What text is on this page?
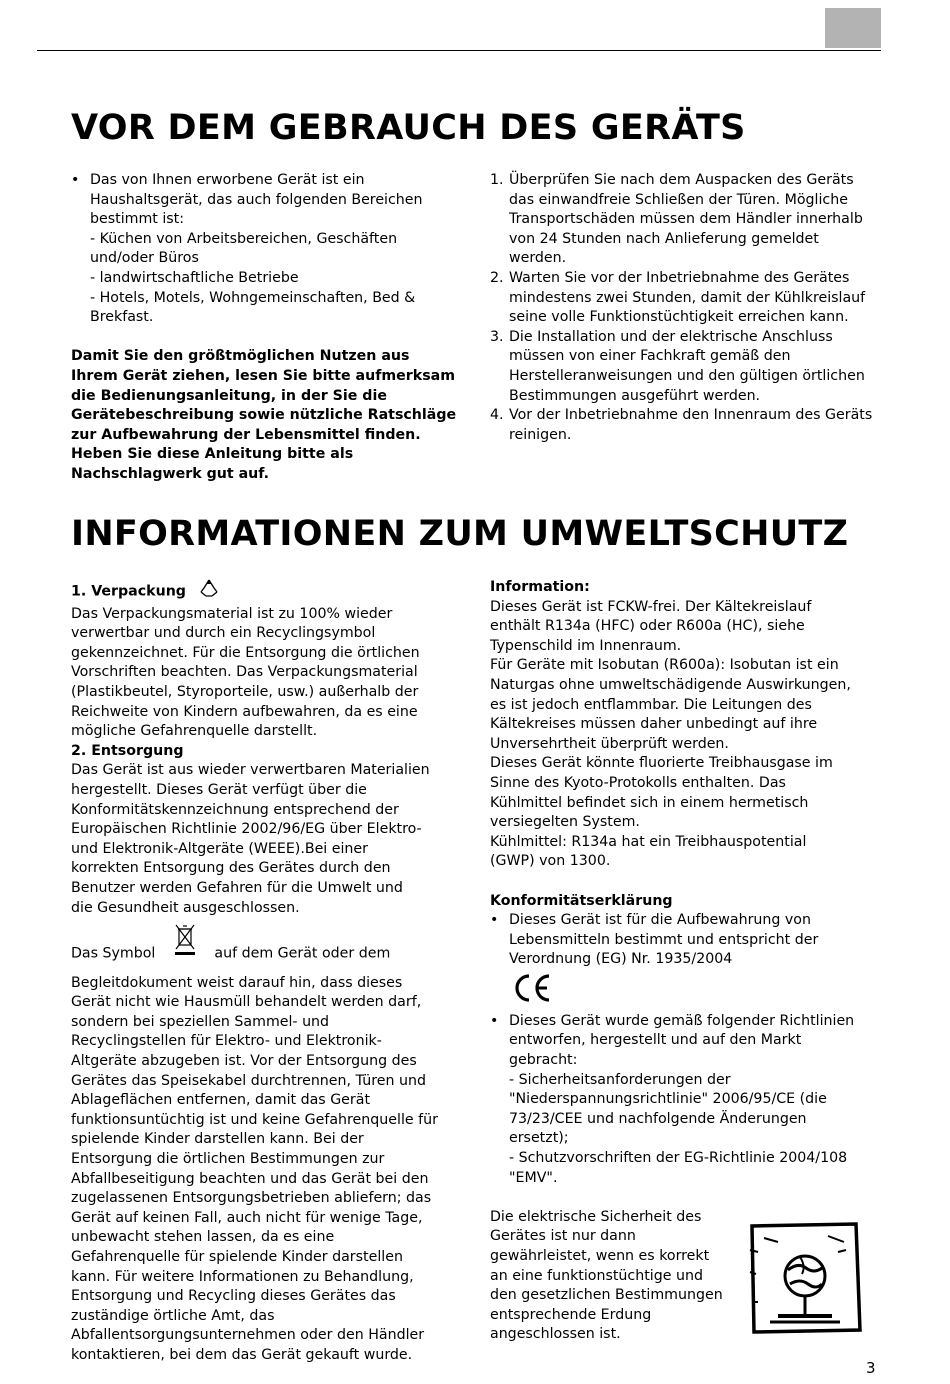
VOR DEM GEBRAUCH DES GERÄTS
• Das von Ihnen erworbene Gerät ist ein
Haushaltsgerät, das auch folgenden Bereichen
bestimmt ist:
- Küchen von Arbeitsbereichen, Geschäften
und/oder Büros
- landwirtschaftliche Betriebe
- Hotels, Motels, Wohngemeinschaften, Bed &
Brekfast.
Damit Sie den größtmöglichen Nutzen aus
Ihrem Gerät ziehen, lesen Sie bitte aufmerksam
die Bedienungsanleitung, in der Sie die
Gerätebeschreibung sowie nützliche Ratschläge
zur Aufbewahrung der Lebensmittel finden.
Heben Sie diese Anleitung bitte als
Nachschlagwerk gut auf.
1. Überprüfen Sie nach dem Auspacken des Geräts
das einwandfreie Schließen der Türen. Mögliche
Transportschäden müssen dem Händler innerhalb
von 24 Stunden nach Anlieferung gemeldet
werden.
2. Warten Sie vor der Inbetriebnahme des Gerätes
mindestens zwei Stunden, damit der Kühlkreislauf
seine volle Funktionstüchtigkeit erreichen kann.
3. Die Installation und der elektrische Anschluss
müssen von einer Fachkraft gemäß den
Herstelleranweisungen und den gültigen örtlichen
Bestimmungen ausgeführt werden.
4. Vor der Inbetriebnahme den Innenraum des Geräts
reinigen.
INFORMATIONEN ZUM UMWELTSCHUTZ

1. Verpackung

Das Verpackungsmaterial ist zu 100% wieder
verwertbar und durch ein Recyclingsymbol
gekennzeichnet. Für die Entsorgung die örtlichen
Vorschriften beachten. Das Verpackungsmaterial
(Plastikbeutel, Styroporteile, usw.) außerhalb der
Reichweite von Kindern aufbewahren, da es eine
mögliche Gefahrenquelle darstellt.

2. Entsorgung

Das Gerät ist aus wieder verwertbaren Materialien
hergestellt. Dieses Gerät verfügt über die
Konformitätskennzeichnung entsprechend der
Europäischen Richtlinie 2002/96/EG über Elektro-
und Elektronik-Altgeräte (WEEE).Bei einer
korrekten Entsorgung des Gerätes durch den
Benutzer werden Gefahren für die Umwelt und
die Gesundheit ausgeschlossen.

Das Symbol	auf dem Gerät oder dem

Begleitdokument weist darauf hin, dass dieses
Gerät nicht wie Hausmüll behandelt werden darf,
sondern bei speziellen Sammel- und
Recyclingstellen für Elektro- und Elektronik-
Altgeräte abzugeben ist. Vor der Entsorgung des
Gerätes das Speisekabel durchtrennen, Türen und
Ablageflächen entfernen, damit das Gerät
funktionsuntüchtig ist und keine Gefahrenquelle für
spielende Kinder darstellen kann. Bei der
Entsorgung die örtlichen Bestimmungen zur
Abfallbeseitigung beachten und das Gerät bei den
zugelassenen Entsorgungsbetrieben abliefern; das
Gerät auf keinen Fall, auch nicht für wenige Tage,
unbewacht stehen lassen, da es eine
Gefahrenquelle für spielende Kinder darstellen
kann. Für weitere Informationen zu Behandlung,
Entsorgung und Recycling dieses Gerätes das
zuständige örtliche Amt, das
Abfallentsorgungsunternehmen oder den Händler
kontaktieren, bei dem das Gerät gekauft wurde.

Information:

Dieses Gerät ist FCKW-frei. Der Kältekreislauf
enthält R134a (HFC) oder R600a (HC), siehe
Typenschild im Innenraum.
Für Geräte mit Isobutan (R600a): Isobutan ist ein
Naturgas ohne umweltschädigende Auswirkungen,
es ist jedoch entflammbar. Die Leitungen des
Kältekreises müssen daher unbedingt auf ihre
Unversehrtheit überprüft werden.
Dieses Gerät könnte fluorierte Treibhausgase im
Sinne des Kyoto-Protokolls enthalten. Das
Kühlmittel befindet sich in einem hermetisch
versiegelten System.
Kühlmittel: R134a hat ein Treibhauspotential
(GWP) von 1300.

Konformitätserklärung

• Dieses Gerät ist für die Aufbewahrung von
Lebensmitteln bestimmt und entspricht der
Verordnung (EG) Nr. 1935/2004
• Dieses Gerät wurde gemäß folgender Richtlinien
entworfen, hergestellt und auf den Markt
gebracht:
- Sicherheitsanforderungen der
"Niederspannungsrichtlinie" 2006/95/CE (die
73/23/CEE und nachfolgende Änderungen
ersetzt);
- Schutzvorschriften der EG-Richtlinie 2004/108
"EMV".
Die elektrische Sicherheit des
Gerätes ist nur dann
gewährleistet, wenn es korrekt
an eine funktionstüchtige und
den gesetzlichen Bestimmungen
entsprechende Erdung
angeschlossen ist.
3
